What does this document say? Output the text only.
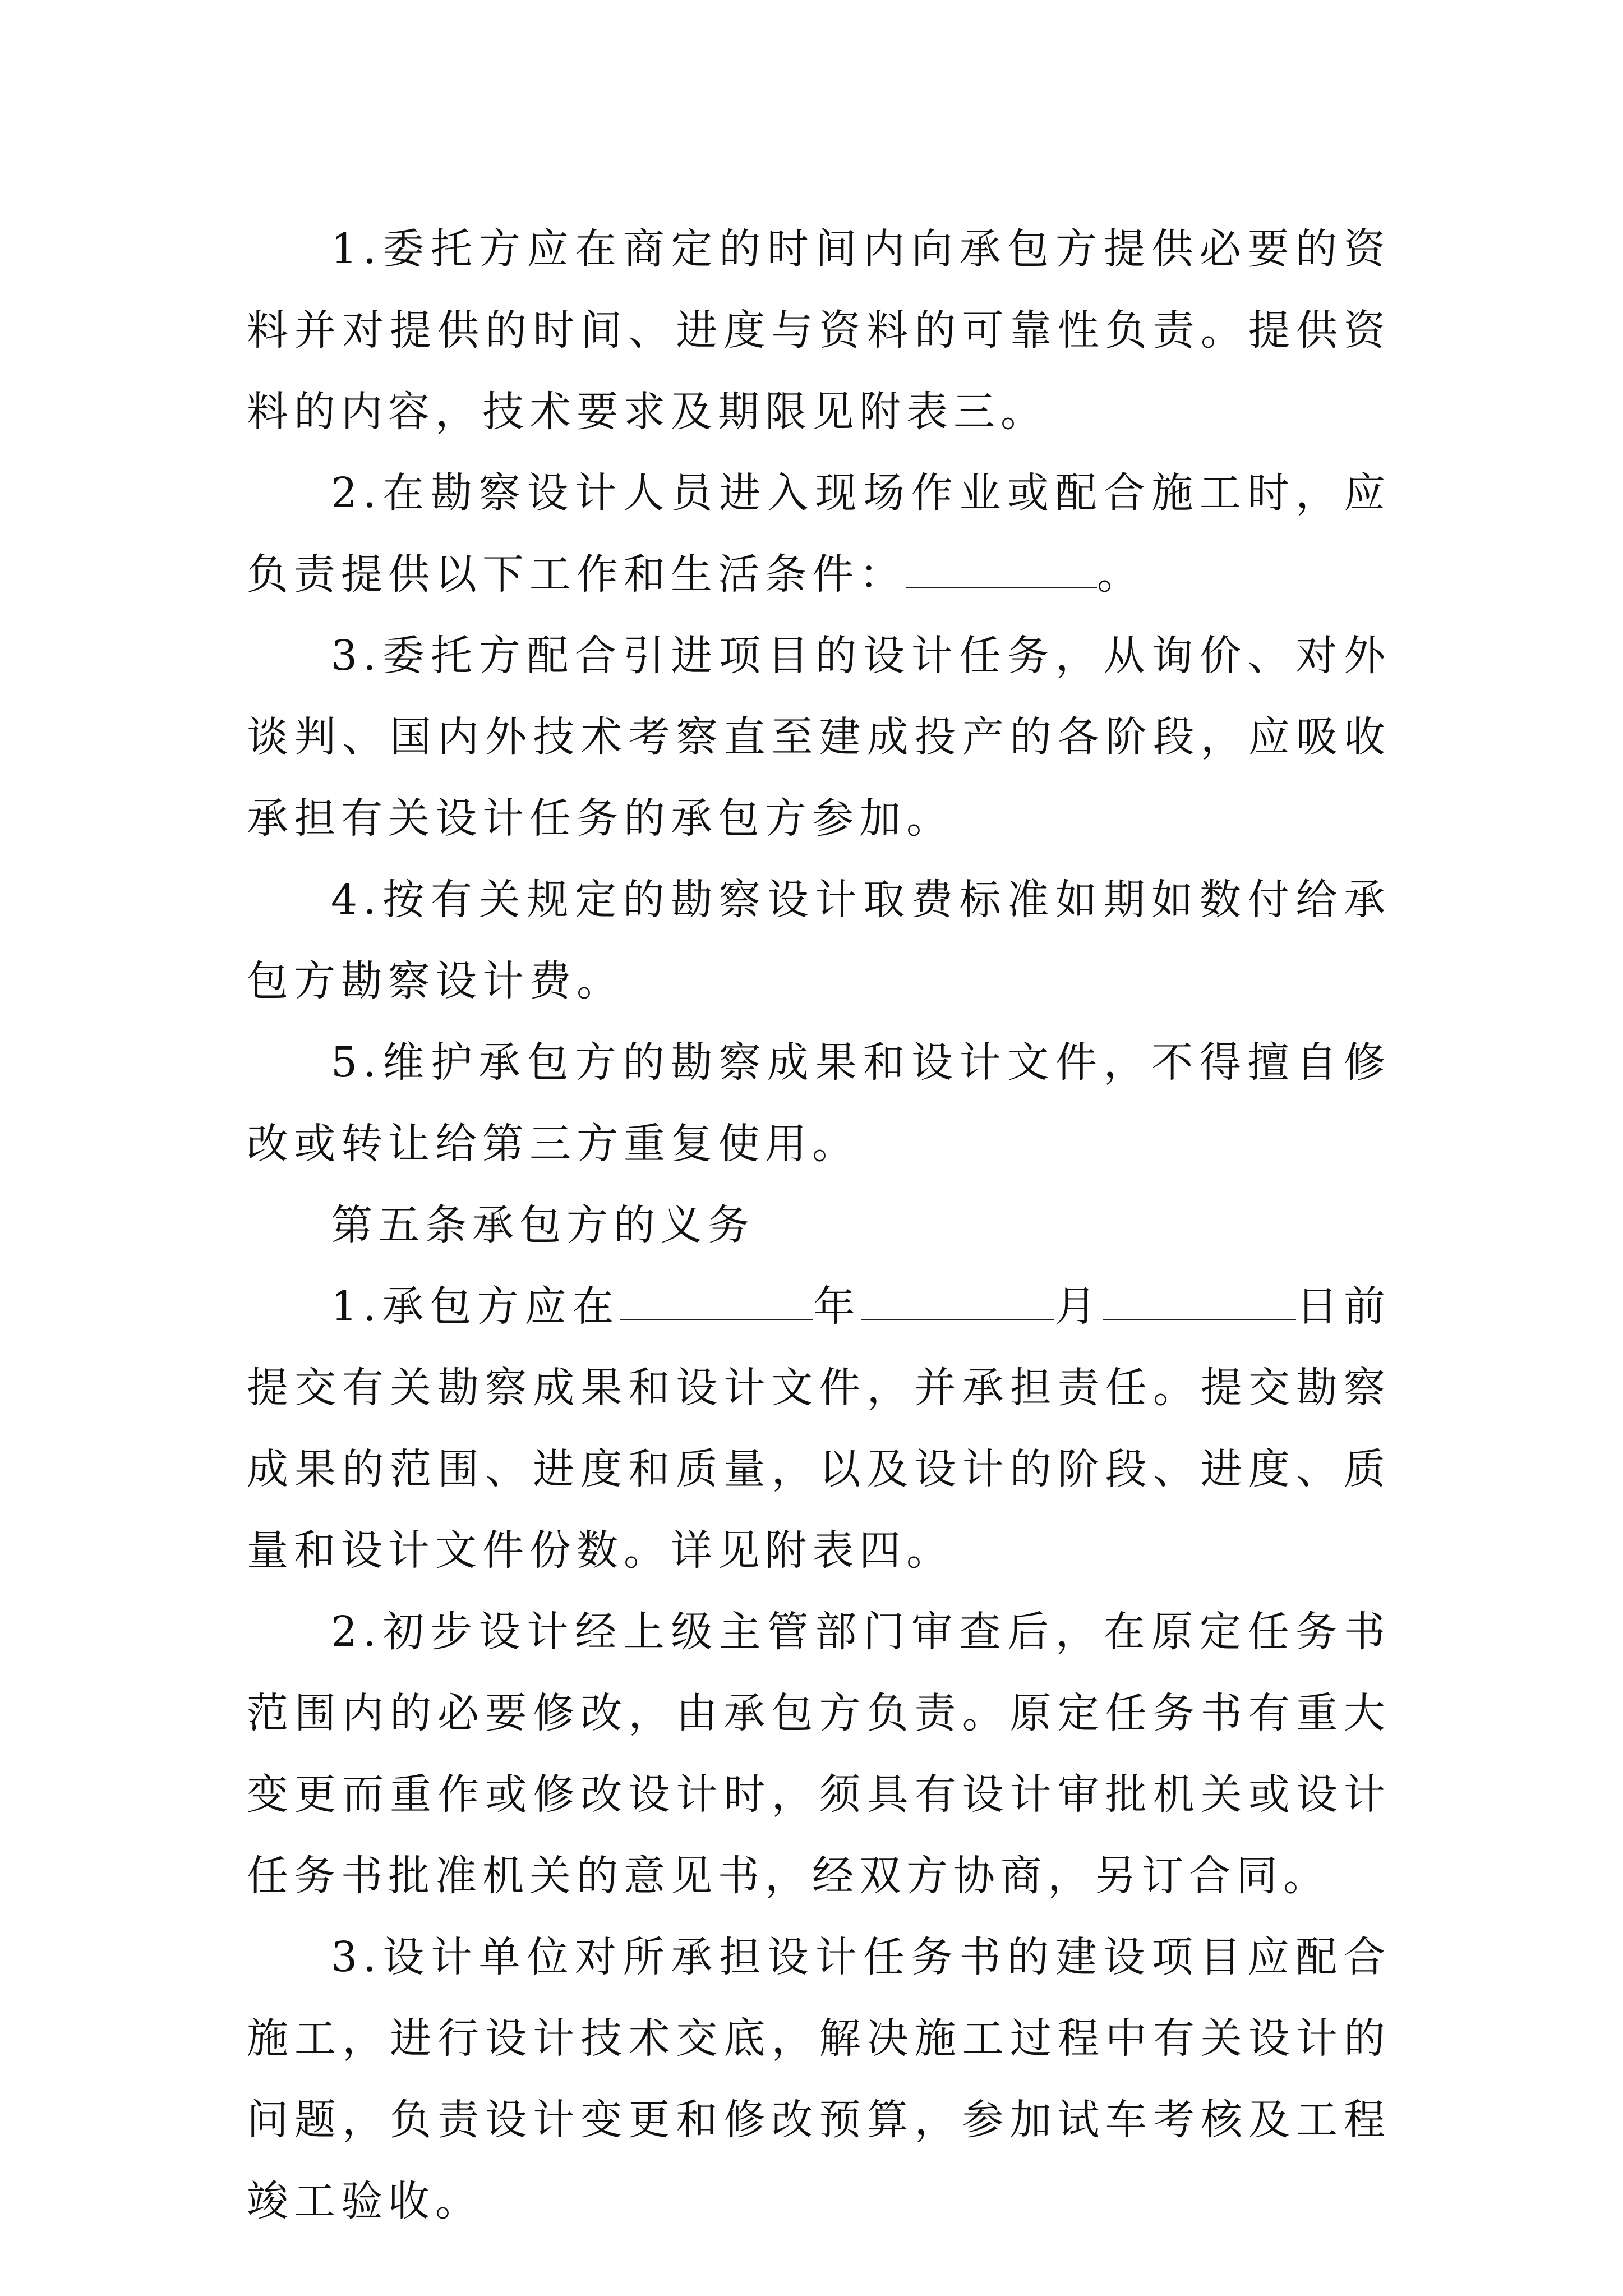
1.委托方应在商定的时间内向承包方提供必要的资料并对提供的时间、进度与资料的可靠性负责。提供资料的内容，技术要求及期限见附表三。

2.在勘察设计人员进入现场作业或配合施工时，应负责提供以下工作和生活条件：	。

3.委托方配合引进项目的设计任务，从询价、对外谈判、国内外技术考察直至建成投产的各阶段，应吸收承担有关设计任务的承包方参加。

4.按有关规定的勘察设计取费标准如期如数付给承包方勘察设计费。

5.维护承包方的勘察成果和设计文件，不得擅自修改或转让给第三方重复使用。

第五条承包方的义务

1.承包方应在	年	月	日前提交有关勘察成果和设计文件，并承担责任。提交勘察成果的范围、进度和质量，以及设计的阶段、进度、质量和设计文件份数。详见附表四。

2.初步设计经上级主管部门审查后，在原定任务书范围内的必要修改，由承包方负责。原定任务书有重大变更而重作或修改设计时，须具有设计审批机关或设计任务书批准机关的意见书，经双方协商，另订合同。

3.设计单位对所承担设计任务书的建设项目应配合施工，进行设计技术交底，解决施工过程中有关设计的问题，负责设计变更和修改预算，参加试车考核及工程竣工验收。
